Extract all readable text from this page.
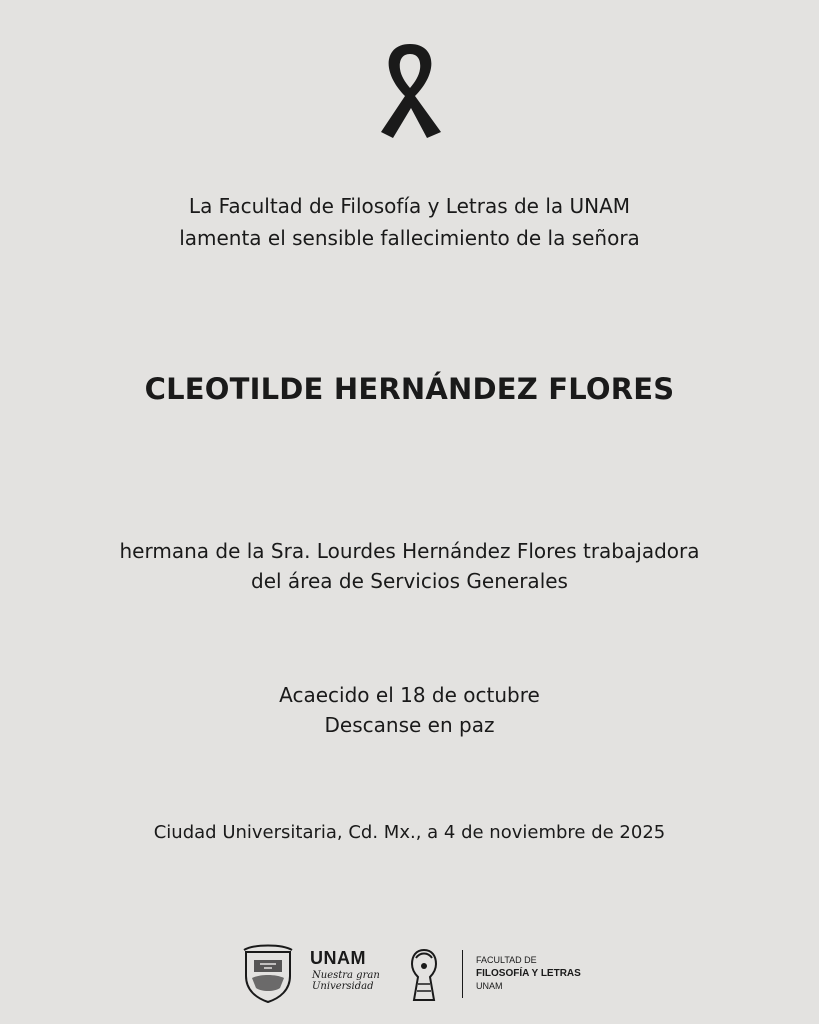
La Facultad de Filosofía y Letras de la UNAM
lamenta el sensible fallecimiento de la señora
CLEOTILDE HERNÁNDEZ FLORES
hermana de la Sra. Lourdes Hernández Flores trabajadora
del área de Servicios Generales
Acaecido el 18 de octubre
Descanse en paz
Ciudad Universitaria, Cd. Mx., a 4 de noviembre de 2025
UNAM
Nuestra gran
Universidad
FACULTAD DE
FILOSOFÍA Y LETRAS
UNAM
